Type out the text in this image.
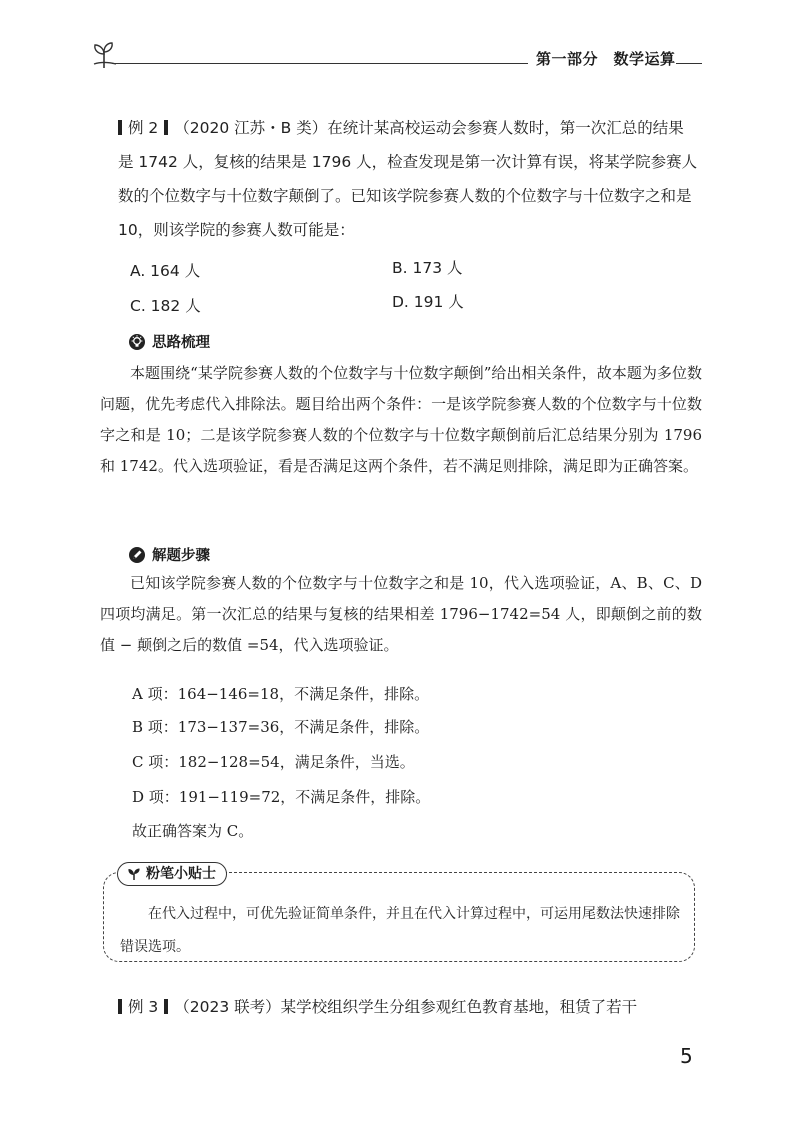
第一部分　数学运算
例 2 （2020 江苏・B 类）在统计某高校运动会参赛人数时，第一次汇总的结果是 1742 人，复核的结果是 1796 人，检查发现是第一次计算有误，将某学院参赛人数的个位数字与十位数字颠倒了。已知该学院参赛人数的个位数字与十位数字之和是 10，则该学院的参赛人数可能是：
A. 164 人	B. 173 人
C. 182 人	D. 191 人
思路梳理
本题围绕“某学院参赛人数的个位数字与十位数字颠倒”给出相关条件，故本题为多位数问题，优先考虑代入排除法。题目给出两个条件：一是该学院参赛人数的个位数字与十位数字之和是 10；二是该学院参赛人数的个位数字与十位数字颠倒前后汇总结果分别为 1796 和 1742。代入选项验证，看是否满足这两个条件，若不满足则排除，满足即为正确答案。
解题步骤
已知该学院参赛人数的个位数字与十位数字之和是 10，代入选项验证，A、B、C、D 四项均满足。第一次汇总的结果与复核的结果相差 1796−1742=54 人，即颠倒之前的数值 − 颠倒之后的数值 =54，代入选项验证。
A 项：164−146=18，不满足条件，排除。
B 项：173−137=36，不满足条件，排除。
C 项：182−128=54，满足条件，当选。
D 项：191−119=72，不满足条件，排除。
故正确答案为 C。
粉笔小贴士
在代入过程中，可优先验证简单条件，并且在代入计算过程中，可运用尾数法快速排除错误选项。
例 3 （2023 联考）某学校组织学生分组参观红色教育基地，租赁了若干
5
